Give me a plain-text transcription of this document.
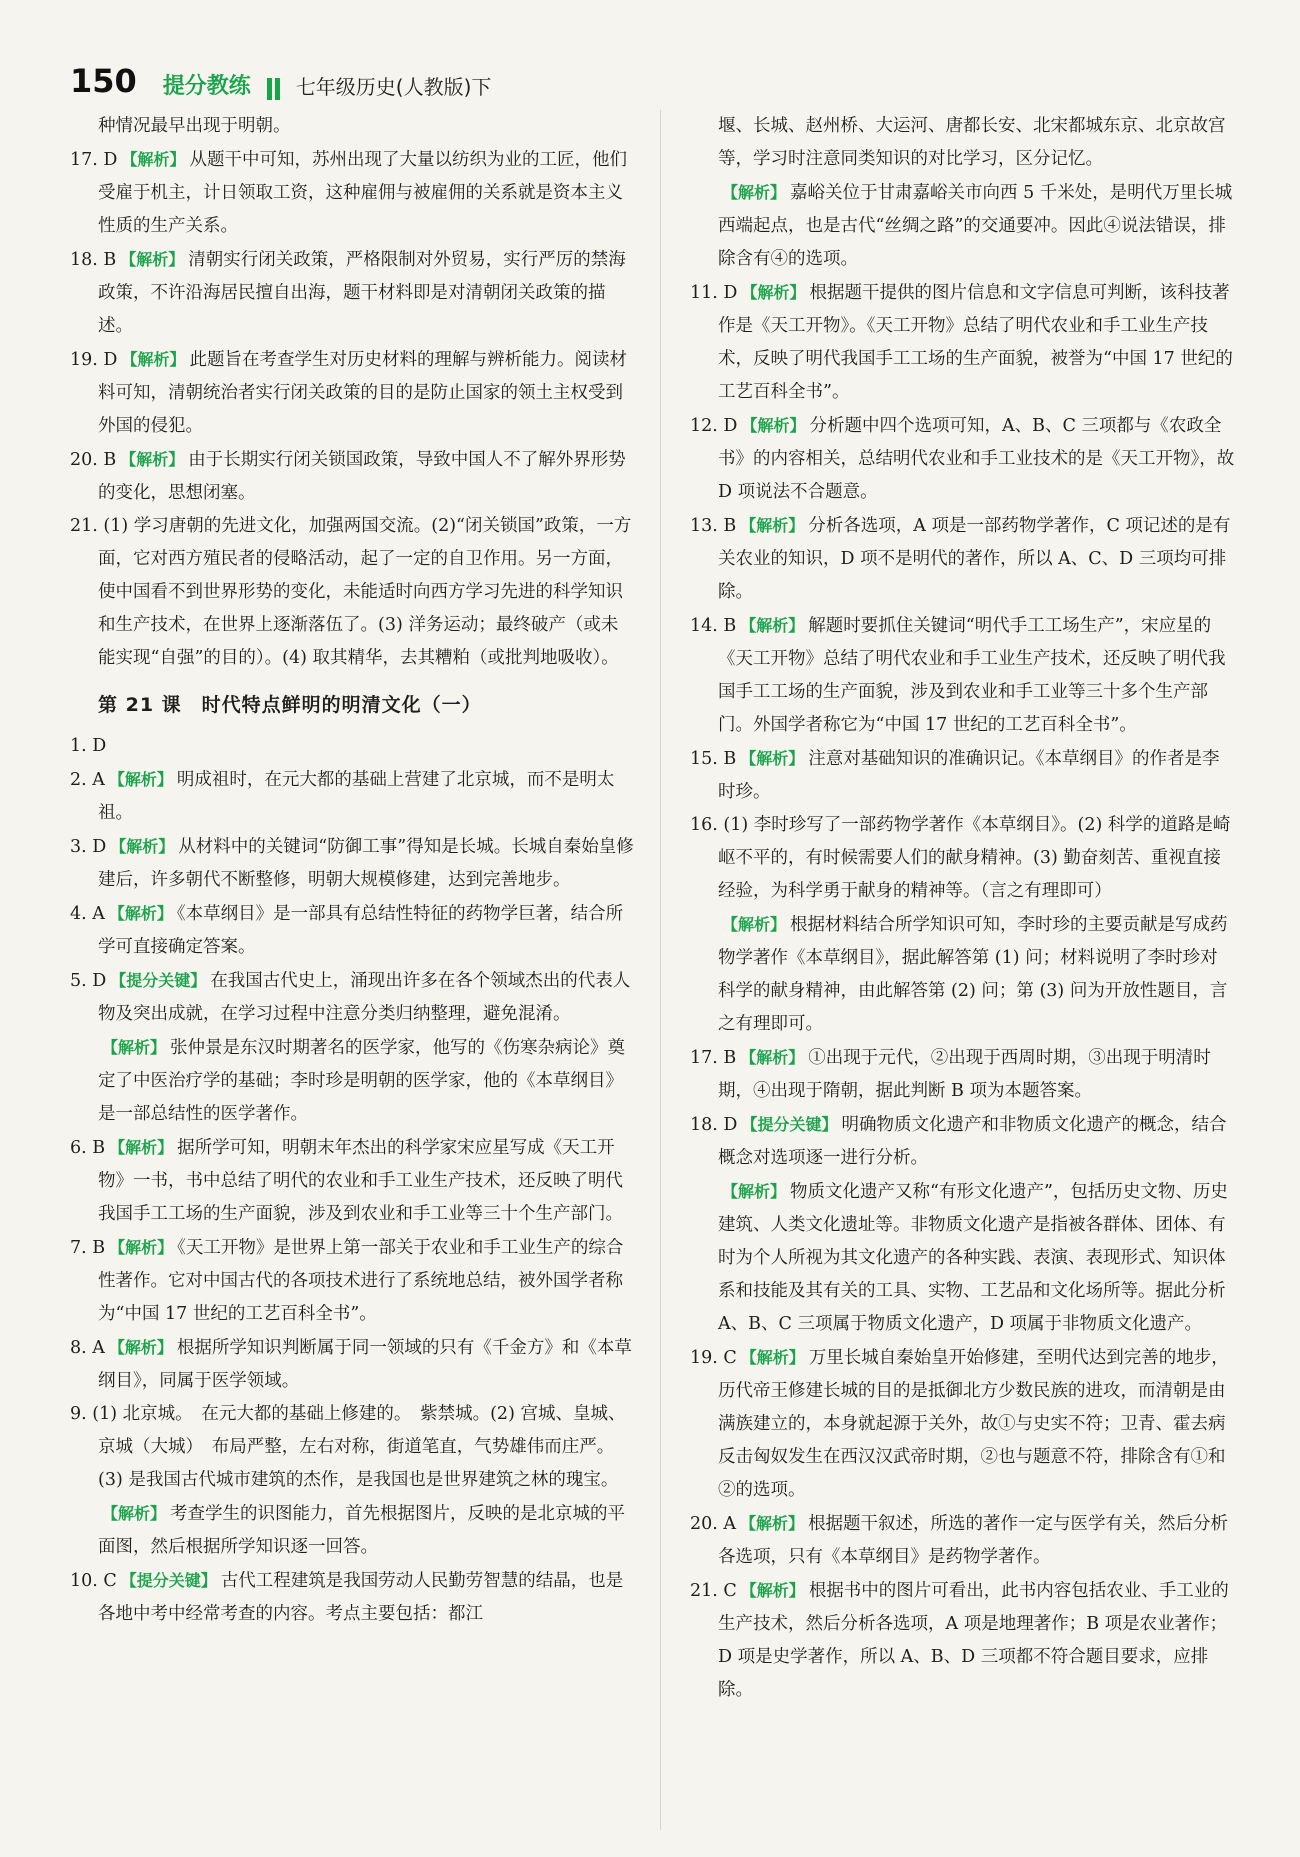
150 提分教练 七年级历史(人教版)下

种情况最早出现于明朝。

17. D 【解析】 从题干中可知，苏州出现了大量以纺织为业的工匠，他们受雇于机主，计日领取工资，这种雇佣与被雇佣的关系就是资本主义性质的生产关系。

18. B 【解析】 清朝实行闭关政策，严格限制对外贸易，实行严厉的禁海政策，不许沿海居民擅自出海，题干材料即是对清朝闭关政策的描述。

19. D 【解析】 此题旨在考查学生对历史材料的理解与辨析能力。阅读材料可知，清朝统治者实行闭关政策的目的是防止国家的领土主权受到外国的侵犯。

20. B 【解析】 由于长期实行闭关锁国政策，导致中国人不了解外界形势的变化，思想闭塞。

21. (1) 学习唐朝的先进文化，加强两国交流。(2)“闭关锁国”政策，一方面，它对西方殖民者的侵略活动，起了一定的自卫作用。另一方面，使中国看不到世界形势的变化，未能适时向西方学习先进的科学知识和生产技术，在世界上逐渐落伍了。(3) 洋务运动；最终破产（或未能实现“自强”的目的）。(4) 取其精华，去其糟粕（或批判地吸收）。

第 21 课　时代特点鲜明的明清文化（一）

1. D

2. A 【解析】 明成祖时，在元大都的基础上营建了北京城，而不是明太祖。

3. D 【解析】 从材料中的关键词“防御工事”得知是长城。长城自秦始皇修建后，许多朝代不断整修，明朝大规模修建，达到完善地步。

4. A 【解析】 《本草纲目》是一部具有总结性特征的药物学巨著，结合所学可直接确定答案。

5. D 【提分关键】 在我国古代史上，涌现出许多在各个领域杰出的代表人物及突出成就，在学习过程中注意分类归纳整理，避免混淆。

【解析】 张仲景是东汉时期著名的医学家，他写的《伤寒杂病论》奠定了中医治疗学的基础；李时珍是明朝的医学家，他的《本草纲目》是一部总结性的医学著作。

6. B 【解析】 据所学可知，明朝末年杰出的科学家宋应星写成《天工开物》一书，书中总结了明代的农业和手工业生产技术，还反映了明代我国手工工场的生产面貌，涉及到农业和手工业等三十个生产部门。

7. B 【解析】 《天工开物》是世界上第一部关于农业和手工业生产的综合性著作。它对中国古代的各项技术进行了系统地总结，被外国学者称为“中国 17 世纪的工艺百科全书”。

8. A 【解析】 根据所学知识判断属于同一领域的只有《千金方》和《本草纲目》，同属于医学领域。

9. (1) 北京城。　在元大都的基础上修建的。　紫禁城。(2) 宫城、皇城、京城（大城）　布局严整，左右对称，街道笔直，气势雄伟而庄严。(3) 是我国古代城市建筑的杰作，是我国也是世界建筑之林的瑰宝。

【解析】 考查学生的识图能力，首先根据图片，反映的是北京城的平面图，然后根据所学知识逐一回答。

10. C 【提分关键】 古代工程建筑是我国劳动人民勤劳智慧的结晶，也是各地中考中经常考查的内容。考点主要包括：都江

堰、长城、赵州桥、大运河、唐都长安、北宋都城东京、北京故宫等，学习时注意同类知识的对比学习，区分记忆。

【解析】 嘉峪关位于甘肃嘉峪关市向西 5 千米处，是明代万里长城西端起点，也是古代“丝绸之路”的交通要冲。因此④说法错误，排除含有④的选项。

11. D 【解析】 根据题干提供的图片信息和文字信息可判断，该科技著作是《天工开物》。《天工开物》总结了明代农业和手工业生产技术，反映了明代我国手工工场的生产面貌，被誉为“中国 17 世纪的工艺百科全书”。

12. D 【解析】 分析题中四个选项可知，A、B、C 三项都与《农政全书》的内容相关，总结明代农业和手工业技术的是《天工开物》，故 D 项说法不合题意。

13. B 【解析】 分析各选项，A 项是一部药物学著作，C 项记述的是有关农业的知识，D 项不是明代的著作，所以 A、C、D 三项均可排除。

14. B 【解析】 解题时要抓住关键词“明代手工工场生产”，宋应星的《天工开物》总结了明代农业和手工业生产技术，还反映了明代我国手工工场的生产面貌，涉及到农业和手工业等三十多个生产部门。外国学者称它为“中国 17 世纪的工艺百科全书”。

15. B 【解析】 注意对基础知识的准确识记。《本草纲目》的作者是李时珍。

16. (1) 李时珍写了一部药物学著作《本草纲目》。(2) 科学的道路是崎岖不平的，有时候需要人们的献身精神。(3) 勤奋刻苦、重视直接经验，为科学勇于献身的精神等。（言之有理即可）

【解析】 根据材料结合所学知识可知，李时珍的主要贡献是写成药物学著作《本草纲目》，据此解答第 (1) 问；材料说明了李时珍对科学的献身精神，由此解答第 (2) 问；第 (3) 问为开放性题目，言之有理即可。

17. B 【解析】 ①出现于元代，②出现于西周时期，③出现于明清时期，④出现于隋朝，据此判断 B 项为本题答案。

18. D 【提分关键】 明确物质文化遗产和非物质文化遗产的概念，结合概念对选项逐一进行分析。

【解析】 物质文化遗产又称“有形文化遗产”，包括历史文物、历史建筑、人类文化遗址等。非物质文化遗产是指被各群体、团体、有时为个人所视为其文化遗产的各种实践、表演、表现形式、知识体系和技能及其有关的工具、实物、工艺品和文化场所等。据此分析 A、B、C 三项属于物质文化遗产，D 项属于非物质文化遗产。

19. C 【解析】 万里长城自秦始皇开始修建，至明代达到完善的地步，历代帝王修建长城的目的是抵御北方少数民族的进攻，而清朝是由满族建立的，本身就起源于关外，故①与史实不符；卫青、霍去病反击匈奴发生在西汉汉武帝时期，②也与题意不符，排除含有①和②的选项。

20. A 【解析】 根据题干叙述，所选的著作一定与医学有关，然后分析各选项，只有《本草纲目》是药物学著作。

21. C 【解析】 根据书中的图片可看出，此书内容包括农业、手工业的生产技术，然后分析各选项，A 项是地理著作；B 项是农业著作；D 项是史学著作，所以 A、B、D 三项都不符合题目要求，应排除。
